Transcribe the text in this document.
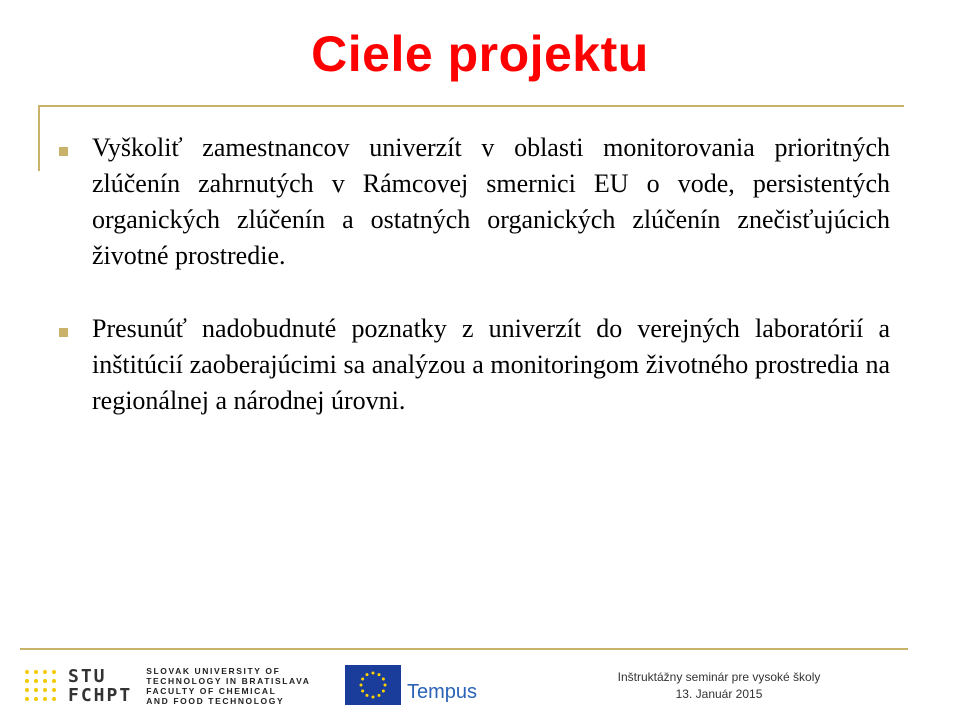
Ciele projektu
Vyškoliť zamestnancov univerzít v oblasti monitorovania prioritných zlúčenín zahrnutých v Rámcovej smernici EU o vode, persistentých organických zlúčenín a ostatných organických zlúčenín znečisťujúcich životné prostredie.
Presunúť nadobudnuté poznatky z univerzít do verejných laboratórií a inštitúcií zaoberajúcimi sa analýzou a monitoringom životného prostredia na regionálnej a národnej úrovni.
STU
FCHPT
SLOVAK UNIVERSITY OF
TECHNOLOGY IN BRATISLAVA
FACULTY OF CHEMICAL
AND FOOD TECHNOLOGY	Tempus
Inštruktážny seminár pre vysoké školy
13. Január 2015
